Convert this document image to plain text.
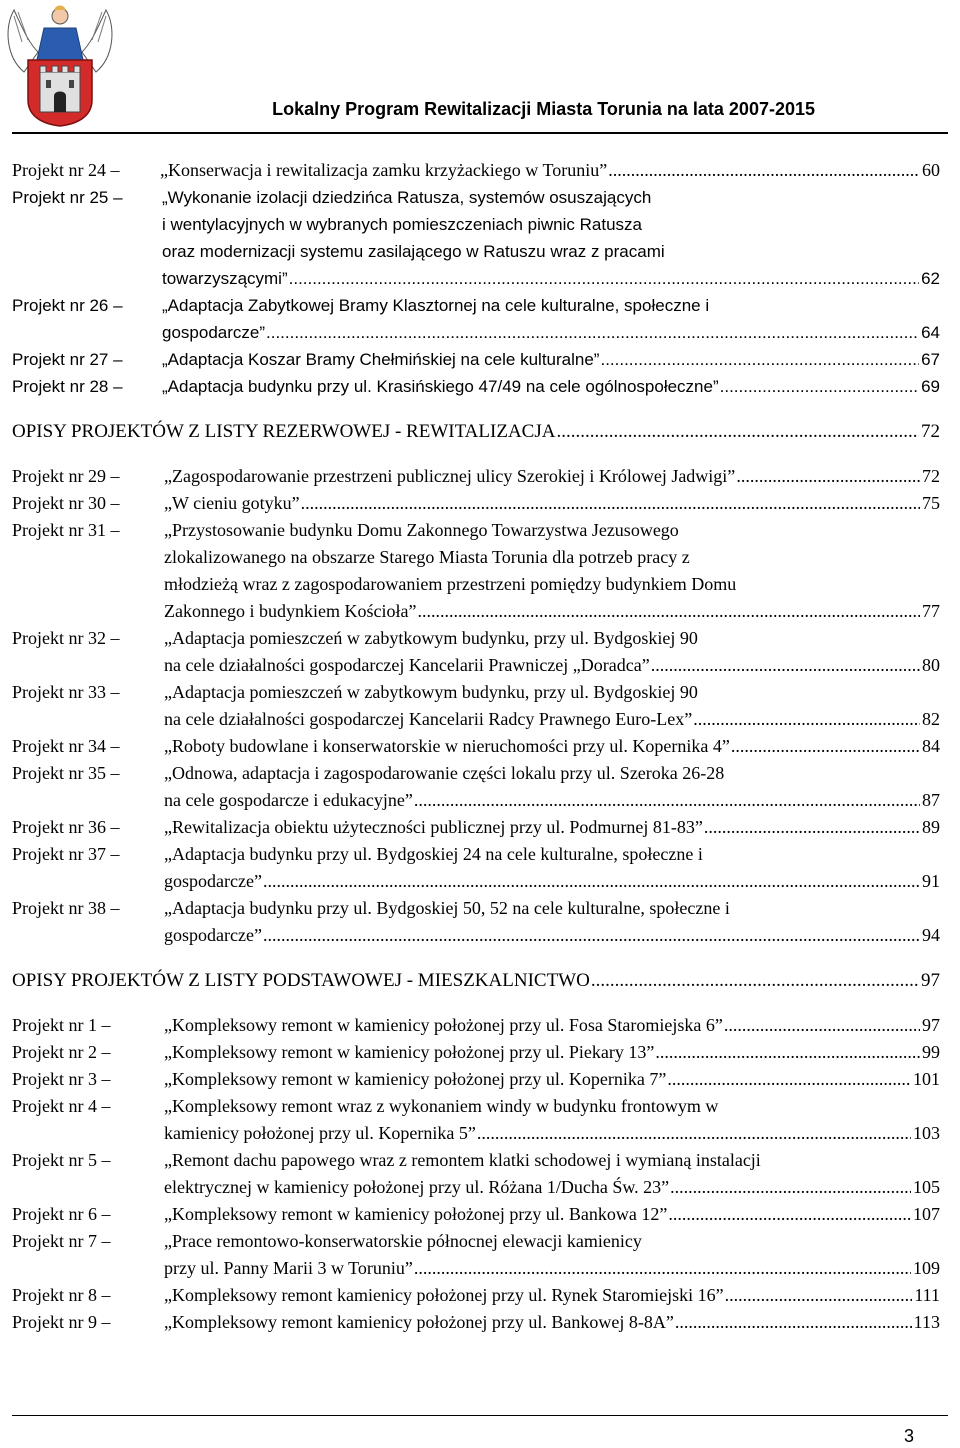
Lokalny Program Rewitalizacji Miasta Torunia na lata 2007-2015
Projekt nr 24 – „Konserwacja i rewitalizacja zamku krzyżackiego w Toruniu” .....	60
Projekt nr 25 – „Wykonanie izolacji dziedzińca Ratusza, systemów osuszających
i wentylacyjnych w wybranych pomieszczeniach piwnic Ratusza
oraz modernizacji systemu zasilającego w Ratuszu wraz z pracami
towarzyszącymi” .....	62
Projekt nr 26 – „Adaptacja Zabytkowej Bramy Klasztornej na cele kulturalne, społeczne i
gospodarcze” .....	64
Projekt nr 27 – „Adaptacja Koszar Bramy Chełmińskiej na cele kulturalne” .....	67
Projekt nr 28 – „Adaptacja budynku przy ul. Krasińskiego 47/49 na cele ogólnospołeczne” .....	69
OPISY PROJEKTÓW Z LISTY REZERWOWEJ - REWITALIZACJA .....	72
Projekt nr 29 – „Zagospodarowanie przestrzeni publicznej ulicy Szerokiej i Królowej Jadwigi” .....	72
Projekt nr 30 – „W cieniu gotyku” .....	75
Projekt nr 31 – „Przystosowanie budynku Domu Zakonnego Towarzystwa Jezusowego
zlokalizowanego na obszarze Starego Miasta Torunia dla potrzeb pracy z
młodzieżą wraz z zagospodarowaniem przestrzeni pomiędzy budynkiem Domu
Zakonnego i budynkiem Kościoła” .....	77
Projekt nr 32 – „Adaptacja pomieszczeń w zabytkowym budynku, przy ul. Bydgoskiej 90
na cele działalności gospodarczej Kancelarii Prawniczej „Doradca” .....	80
Projekt nr 33 – „Adaptacja pomieszczeń w zabytkowym budynku, przy ul. Bydgoskiej 90
na cele działalności gospodarczej Kancelarii Radcy Prawnego Euro-Lex” .....	82
Projekt nr 34 – „Roboty budowlane i konserwatorskie w nieruchomości przy ul. Kopernika 4” .....	84
Projekt nr 35 – „Odnowa, adaptacja i zagospodarowanie części lokalu przy ul. Szeroka 26-28
na cele gospodarcze i edukacyjne” .....	87
Projekt nr 36 – „Rewitalizacja obiektu użyteczności publicznej przy ul. Podmurnej 81-83” .....	89
Projekt nr 37 – „Adaptacja budynku przy ul. Bydgoskiej 24 na cele kulturalne, społeczne i
gospodarcze” .....	91
Projekt nr 38 – „Adaptacja budynku przy ul. Bydgoskiej 50, 52 na cele kulturalne, społeczne i
gospodarcze” .....	94
OPISY PROJEKTÓW Z LISTY PODSTAWOWEJ - MIESZKALNICTWO .....	97
Projekt nr 1 –	„Kompleksowy remont w kamienicy położonej przy ul. Fosa Staromiejska 6” .....	97
Projekt nr 2 –	„Kompleksowy remont w kamienicy położonej przy ul. Piekary 13” .....	99
Projekt nr 3 –	„Kompleksowy remont w kamienicy położonej przy ul. Kopernika 7” .....	101
Projekt nr 4 –	„Kompleksowy remont wraz z wykonaniem windy w budynku frontowym w
kamienicy położonej przy ul. Kopernika 5” .....	103
Projekt nr 5 –	„Remont dachu papowego wraz z remontem klatki schodowej i wymianą instalacji
elektrycznej w kamienicy położonej przy ul. Różana 1/Ducha Św. 23” .....	105
Projekt nr 6 –	„Kompleksowy remont w kamienicy położonej przy ul. Bankowa 12” .....	107
Projekt nr 7 –	„Prace remontowo-konserwatorskie północnej elewacji kamienicy
przy ul. Panny Marii 3 w Toruniu” .....	109
Projekt nr 8 –	„Kompleksowy remont kamienicy położonej przy ul. Rynek Staromiejski 16” .....	111
Projekt nr 9 –	„Kompleksowy remont kamienicy położonej przy ul. Bankowej 8-8A” .....	113
3
